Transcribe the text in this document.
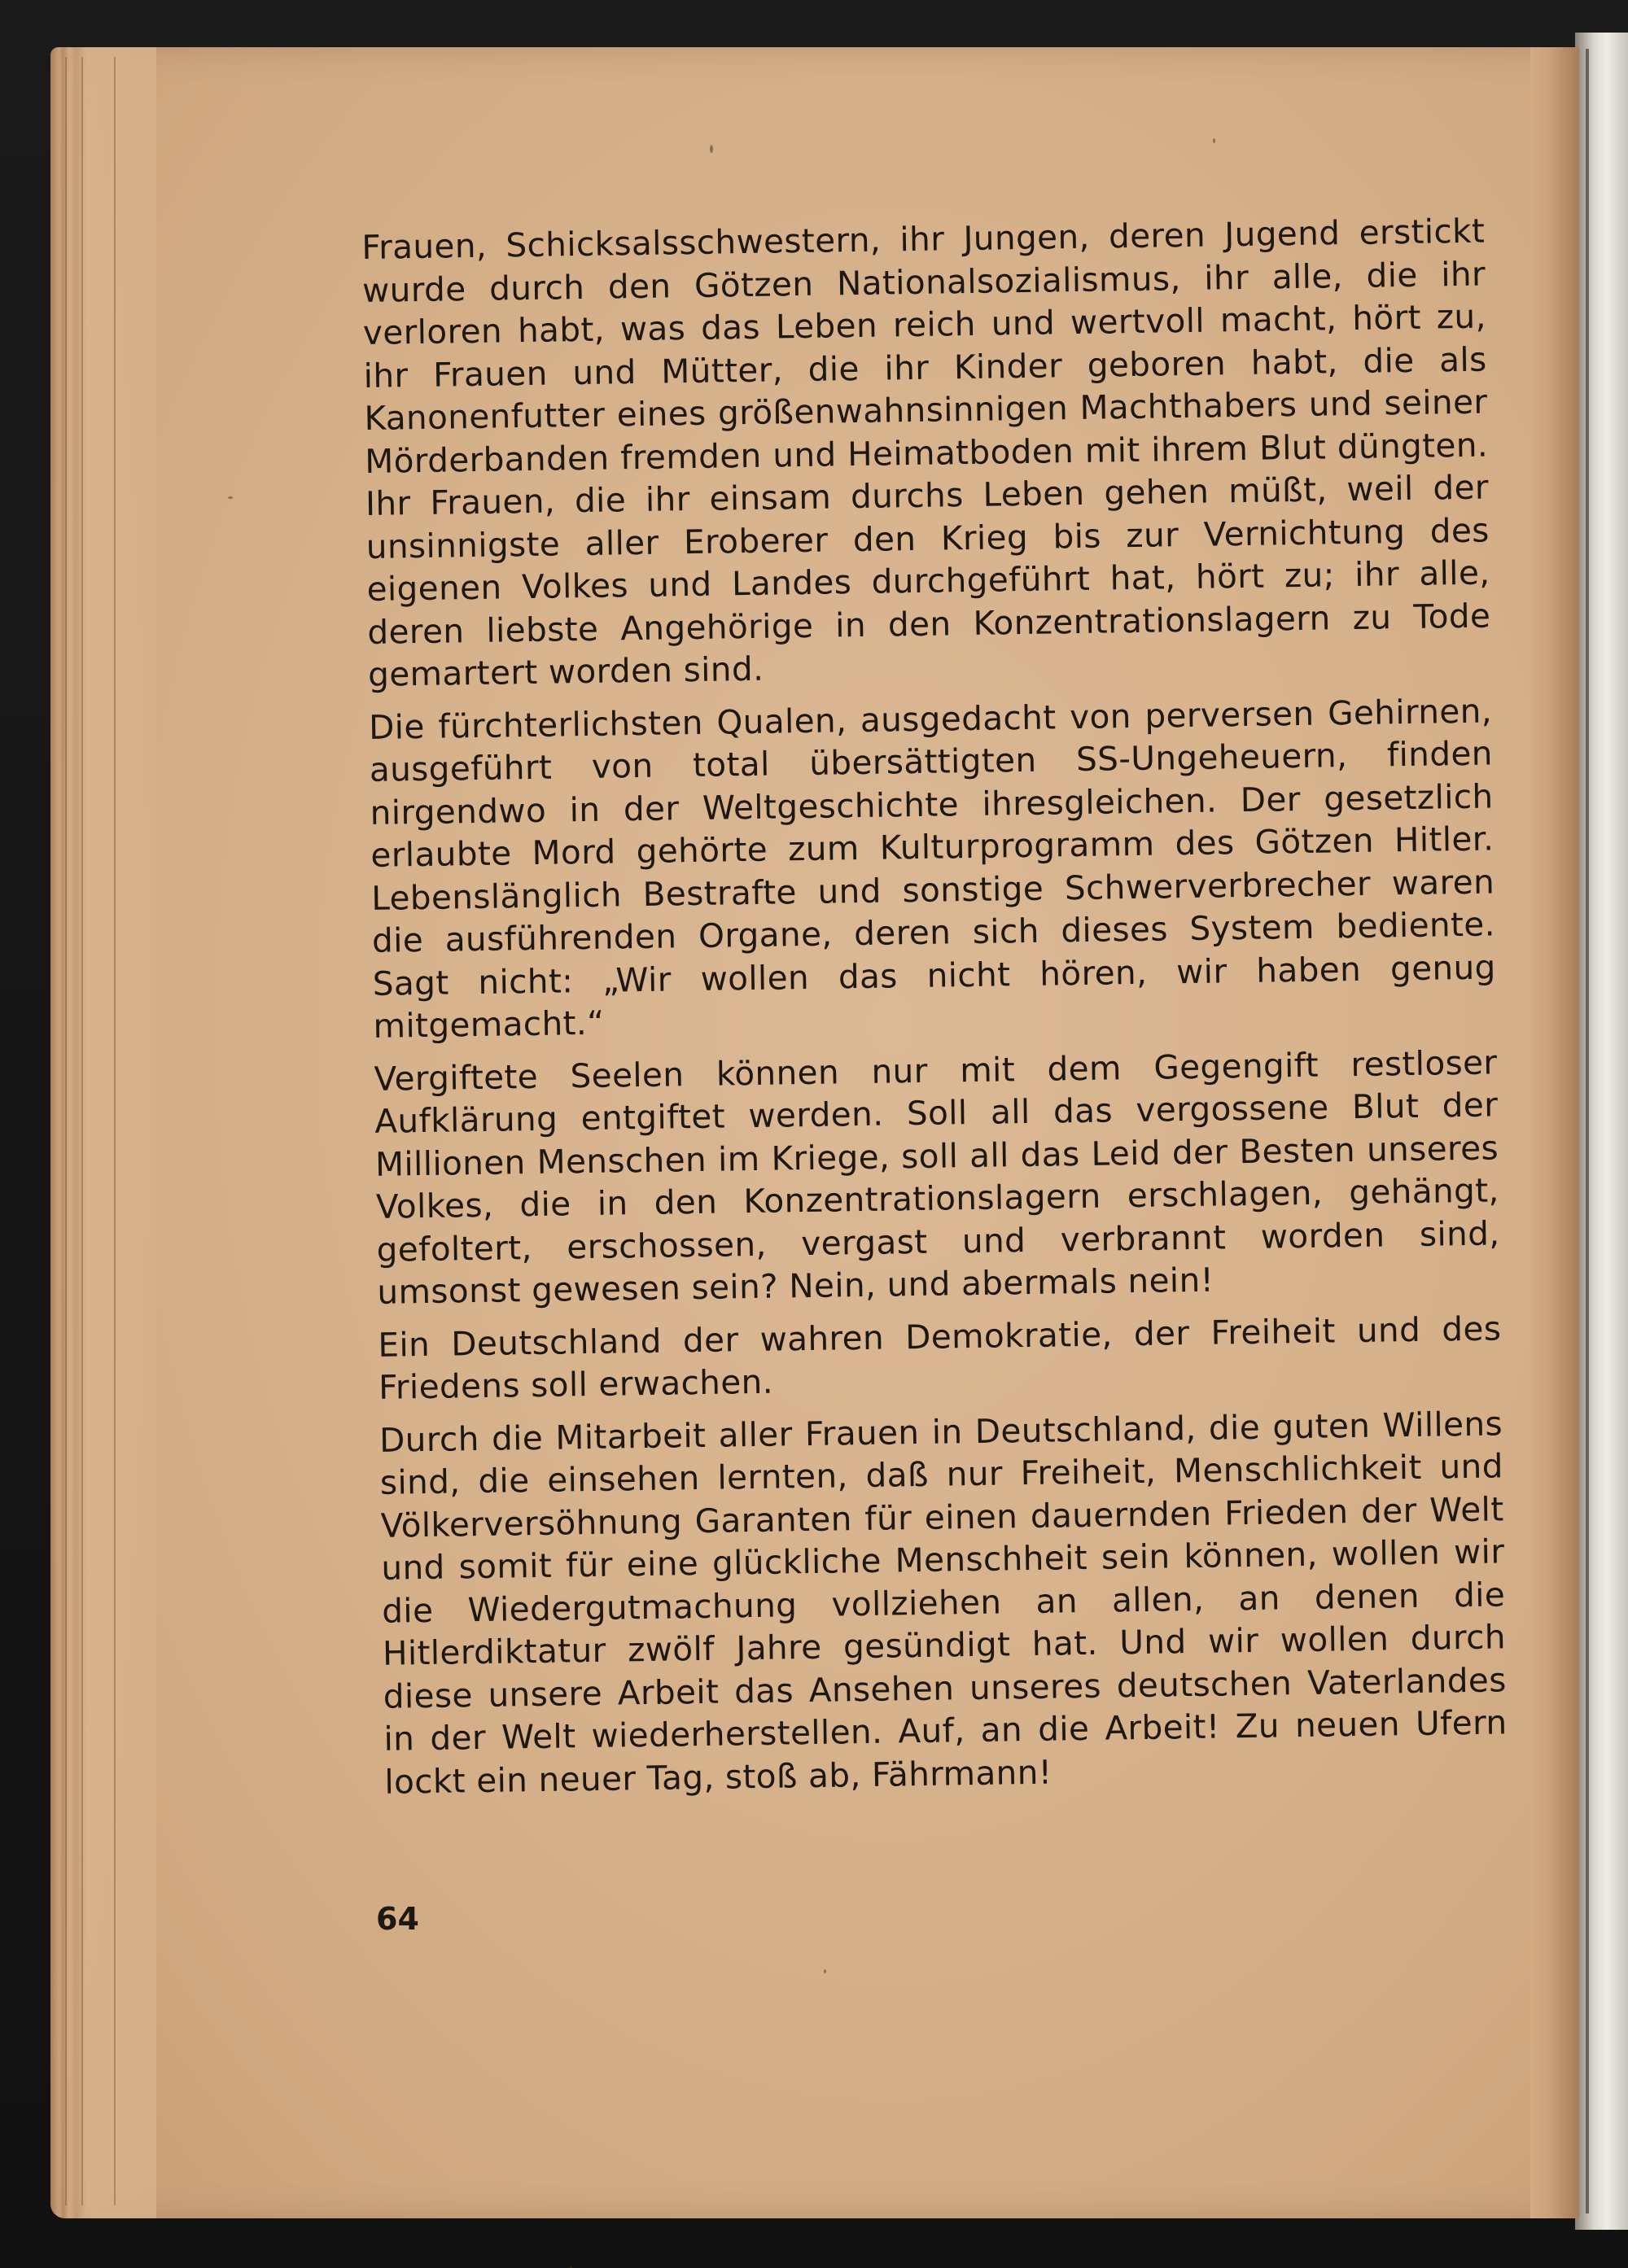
Frauen, Schicksalsschwestern, ihr Jungen, deren Jugend erstickt wurde durch den Götzen Nationalsozialismus, ihr alle, die ihr verloren habt, was das Leben reich und wertvoll macht, hört zu, ihr Frauen und Mütter, die ihr Kinder geboren habt, die als Kanonenfutter eines größenwahnsinnigen Machthabers und seiner Mörderbanden fremden und Heimatboden mit ihrem Blut düngten. Ihr Frauen, die ihr einsam durchs Leben gehen müßt, weil der unsinnigste aller Eroberer den Krieg bis zur Vernichtung des eigenen Volkes und Landes durchgeführt hat, hört zu; ihr alle, deren liebste Angehörige in den Konzentrationslagern zu Tode gemartert worden sind.

Die fürchterlichsten Qualen, ausgedacht von perversen Gehirnen, ausgeführt von total übersättigten SS-Ungeheuern, finden nirgendwo in der Weltgeschichte ihresgleichen. Der gesetzlich erlaubte Mord gehörte zum Kulturprogramm des Götzen Hitler. Lebenslänglich Bestrafte und sonstige Schwerverbrecher waren die ausführenden Organe, deren sich dieses System bediente. Sagt nicht: „Wir wollen das nicht hören, wir haben genug mitgemacht.“

Vergiftete Seelen können nur mit dem Gegengift restloser Aufklärung entgiftet werden. Soll all das vergossene Blut der Millionen Menschen im Kriege, soll all das Leid der Besten unseres Volkes, die in den Konzentrationslagern erschlagen, gehängt, gefoltert, erschossen, vergast und verbrannt worden sind, umsonst gewesen sein? Nein, und abermals nein!

Ein Deutschland der wahren Demokratie, der Freiheit und des Friedens soll erwachen.

Durch die Mitarbeit aller Frauen in Deutschland, die guten Willens sind, die einsehen lernten, daß nur Freiheit, Menschlichkeit und Völkerversöhnung Garanten für einen dauernden Frieden der Welt und somit für eine glückliche Menschheit sein können, wollen wir die Wiedergutmachung vollziehen an allen, an denen die Hitlerdiktatur zwölf Jahre gesündigt hat. Und wir wollen durch diese unsere Arbeit das Ansehen unseres deutschen Vaterlandes in der Welt wiederherstellen. Auf, an die Arbeit! Zu neuen Ufern lockt ein neuer Tag, stoß ab, Fährmann!

64
